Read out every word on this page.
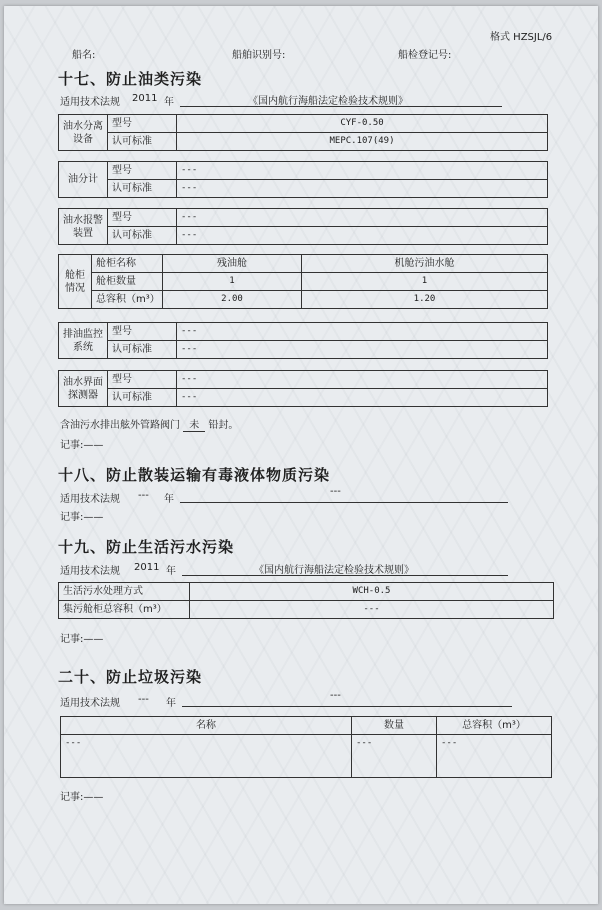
格式 HZSJL/6
船名:	船舶识别号:	船检登记号:
十七、防止油类污染
适用技术法规 2011 年	《国内航行海船法定检验技术规则》
油水分离设备	型号	CYF-0.50
	认可标准	MEPC.107(49)
油分计	型号	---
	认可标准	---
油水报警装置	型号	---
	认可标准	---
舱柜情况	舱柜名称	残油舱	机舱污油水舱
	舱柜数量	1	1
	总容积（m³）	2.00	1.20
排油监控系统	型号	---
	认可标准	---
油水界面探测器	型号	---
	认可标准	---
含油污水排出舷外管路阀门 未 铅封。
记事:——
十八、防止散装运输有毒液体物质污染
适用技术法规 --- 年
---
记事:——
十九、防止生活污水污染
适用技术法规 2011 年	《国内航行海船法定检验技术规则》
生活污水处理方式	WCH-0.5
集污舱柜总容积（m³）	---
记事:——
二十、防止垃圾污染
适用技术法规 --- 年
---
名称	数量	总容积（m³）
---	---	---
记事:——
